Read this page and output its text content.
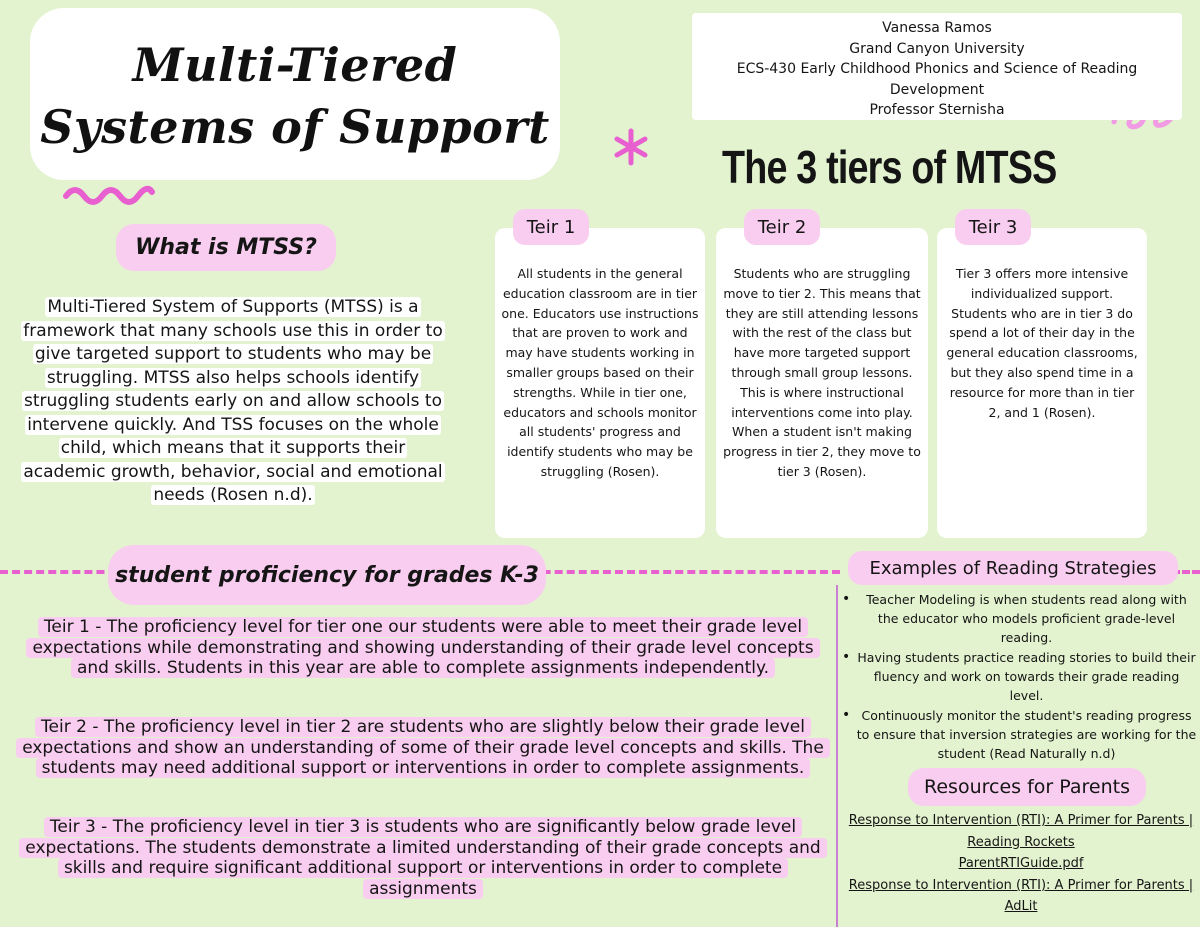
Multi-Tiered
Systems of Support
Vanessa Ramos
Grand Canyon University
ECS-430 Early Childhood Phonics and Science of Reading
Development
Professor Sternisha
The 3 tiers of MTSS
What is MTSS?
Multi-Tiered System of Supports (MTSS) is a framework that many schools use this in order to give targeted support to students who may be struggling. MTSS also helps schools identify struggling students early on and allow schools to intervene quickly. And TSS focuses on the whole child, which means that it supports their academic growth, behavior, social and emotional needs (Rosen n.d).
All students in the general education classroom are in tier one. Educators use instructions that are proven to work and may have students working in smaller groups based on their strengths. While in tier one, educators and schools monitor all students' progress and identify students who may be struggling (Rosen).
Students who are struggling move to tier 2. This means that they are still attending lessons with the rest of the class but have more targeted support through small group lessons. This is where instructional interventions come into play. When a student isn't making progress in tier 2, they move to tier 3 (Rosen).
Tier 3 offers more intensive individualized support. Students who are in tier 3 do spend a lot of their day in the general education classrooms, but they also spend time in a resource for more than in tier 2, and 1 (Rosen).
Teir 1	Teir 2	Teir 3
student proficiency for grades K-3
Teir 1 - The proficiency level for tier one our students were able to meet their grade level expectations while demonstrating and showing understanding of their grade level concepts and skills. Students in this year are able to complete assignments independently.
Teir 2 - The proficiency level in tier 2 are students who are slightly below their grade level expectations and show an understanding of some of their grade level concepts and skills. The students may need additional support or interventions in order to complete assignments.
Teir 3 - The proficiency level in tier 3 is students who are significantly below grade level expectations. The students demonstrate a limited understanding of their grade concepts and skills and require significant additional support or interventions in order to complete assignments
Examples of Reading Strategies
• Teacher Modeling is when students read along with the educator who models proficient grade-level reading.
• Having students practice reading stories to build their fluency and work on towards their grade reading level.
• Continuously monitor the student's reading progress to ensure that inversion strategies are working for the student (Read Naturally n.d)
Resources for Parents
Response to Intervention (RTI): A Primer for Parents | Reading Rockets
ParentRTIGuide.pdf
Response to Intervention (RTI): A Primer for Parents | AdLit
